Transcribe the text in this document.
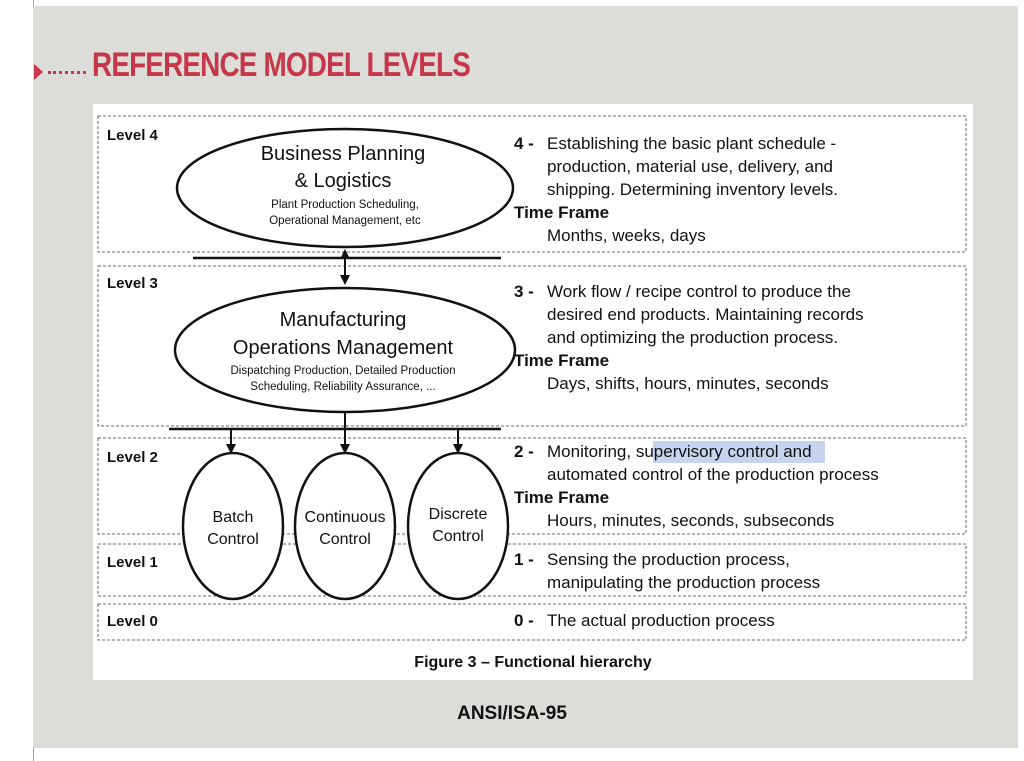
REFERENCE MODEL LEVELS
Level 4
Level 3
Level 2
Level 1
Level 0
Business Planning
& Logistics
Plant Production Scheduling,
Operational Management, etc
Manufacturing
Operations Management
Dispatching Production, Detailed Production
Scheduling, Reliability Assurance, ...
Batch
Control
Continuous
Control
Discrete
Control
4 - Establishing the basic plant schedule -
production, material use, delivery, and
shipping. Determining inventory levels.
Time Frame
Months, weeks, days
3 - Work flow / recipe control to produce the
desired end products. Maintaining records
and optimizing the production process.
Time Frame
Days, shifts, hours, minutes, seconds
2 - Monitoring, supervisory control and
automated control of the production process
Time Frame
Hours, minutes, seconds, subseconds
1 - Sensing the production process,
manipulating the production process
0 - The actual production process
Figure 3 – Functional hierarchy
ANSI/ISA-95
